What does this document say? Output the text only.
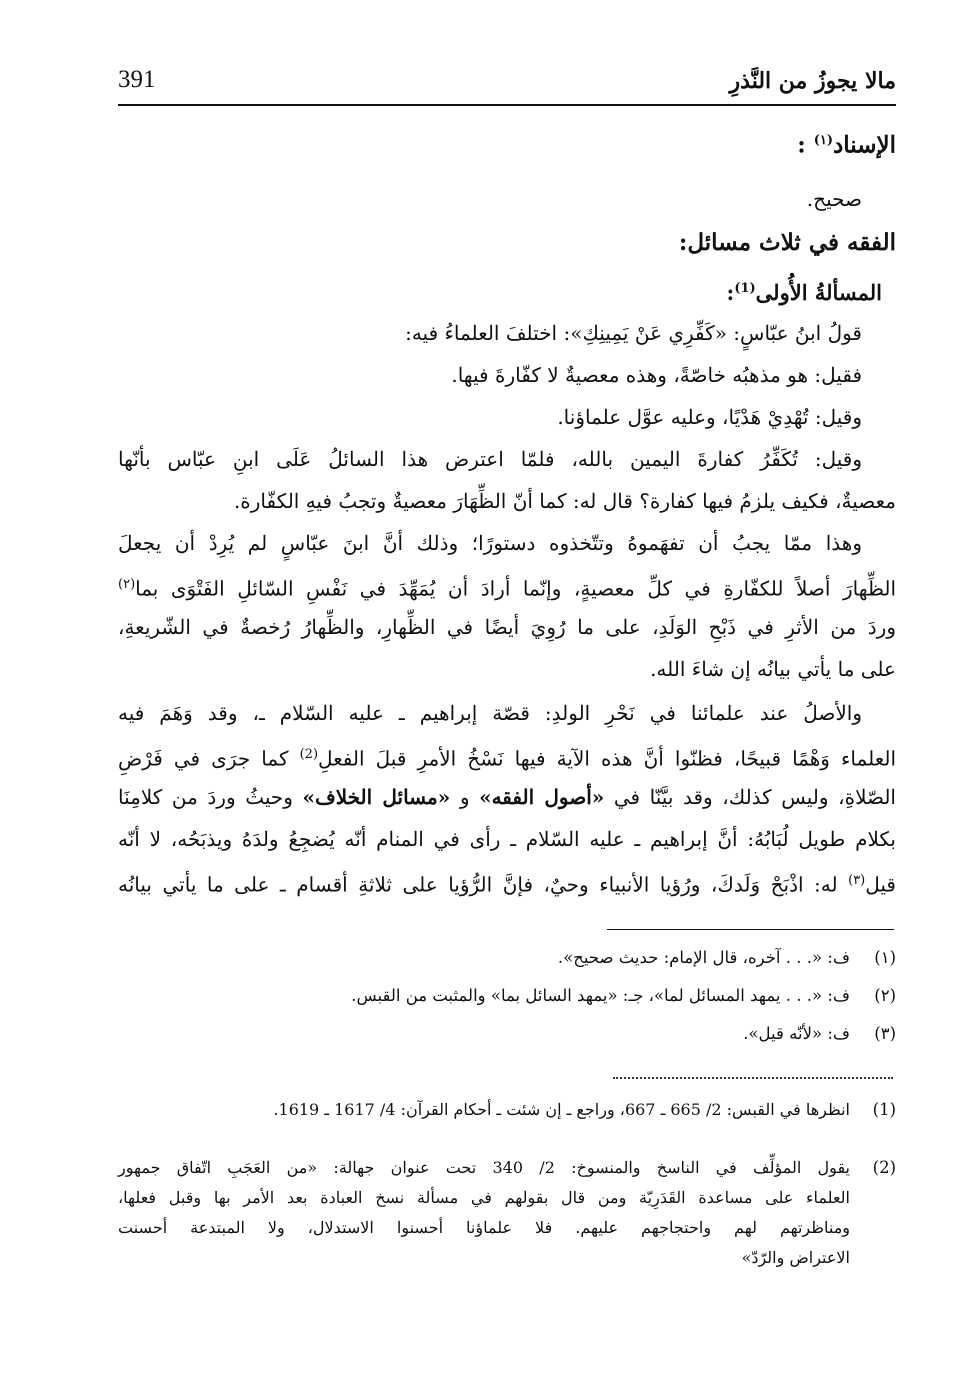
391	مالا يجوزُ من النَّذرِ
الإسناد$^{(١)}$ :
صحيح.
الفقه في ثلاث مسائل:
المسألةُ الأُولى$^{(1)}$:
قولُ ابنُ عبّاسٍ: «كَفِّرِي عَنْ يَمِينِكِ»: اختلفَ العلماءُ فيه:
فقيل: هو مذهبُه خاصّةً، وهذه معصيةٌ لا كفّارةَ فيها.
وقيل: تُهْدِيْ هَدْيًا، وعليه عوَّل علماؤنا.
وقيل: تُكَفِّرُ كفارةَ اليمين بالله، فلمّا اعترض هذا السائلُ عَلَى ابنِ عبّاس بأنّها
معصيةٌ، فكيف يلزمُ فيها كفارة؟ قال له: كما أنّ الظِّهَارَ معصيةٌ وتجبُ فيهِ الكفّارة.
وهذا ممّا يجبُ أن تفهَموهُ وتتّخذوه دستورًا؛ وذلك أنَّ ابنَ عبّاسٍ لم يُرِدْ أن يجعلَ
الظِّهارَ أصلاً للكفّارةِ في كلِّ معصيةٍ، وإنّما أرادَ أن يُمَهِّدَ في نَفْسِ السّائلِ الفَتْوَى بما$^{(٢)}$
وردَ من الأثرِ في ذَبْحِ الوَلَدِ، على ما رُوِيَ أيضًا في الظِّهارِ، والظِّهارُ رُخصةٌ في الشّريعةِ،
على ما يأتي بيانُه إن شاءَ الله.
والأصلُ عند علمائنا في نَحْرِ الولدِ: قصّة إبراهيم ـ عليه السّلام ـ، وقد وَهَمَ فيه
العلماء وَهْمًا قبيحًا، فظنّوا أنَّ هذه الآية فيها نَسْخُ الأمرِ قبلَ الفعلِ$^{(2)}$ كما جرَى في فَرْضِ
الصّلاةِ، وليس كذلك، وقد بيَّنّا في «أصول الفقه» و «مسائل الخلاف» وحيثُ وردَ من كلامِنَا
بكلام طويل لُبَابُهُ: أنَّ إبراهيم ـ عليه السّلام ـ رأى في المنام أنّه يُضجِعُ ولدَهُ ويذبَحُه، لا أنّه
قيل$^{(٣)}$ له: اذْبَحْ وَلَدكَ، ورُؤيا الأنبياء وحيٌ، فإنَّ الرُّؤيا على ثلاثةِ أقسام ـ على ما يأتي بيانُه
(١)
ف: «. . . آخره، قال الإمام: حديث صحيح».
(٢)
ف: «. . . يمهد المسائل لما»، جـ: «يمهد السائل بما» والمثبت من القبس.
(٣)
ف: «لأنّه قيل».
(1)
انظرها في القبس: 2/ 665 ـ 667، وراجع ـ إن شئت ـ أحكام القرآن: 4/ 1617 ـ 1619.
(2)
يقول المؤلِّف في الناسخ والمنسوخ: 2/ 340 تحت عنوان جهالة: «من العَجَبِ اتّفاق جمهور
العلماء على مساعدة القَدَرِيّة ومن قال بقولهم في مسألة نسخ العبادة بعد الأمر بها وقبل فعلها،
ومناظرتهم لهم واحتجاجهم عليهم. فلا علماؤنا أحسنوا الاستدلال، ولا المبتدعة أحسنت
الاعتراض والرّدّ»
